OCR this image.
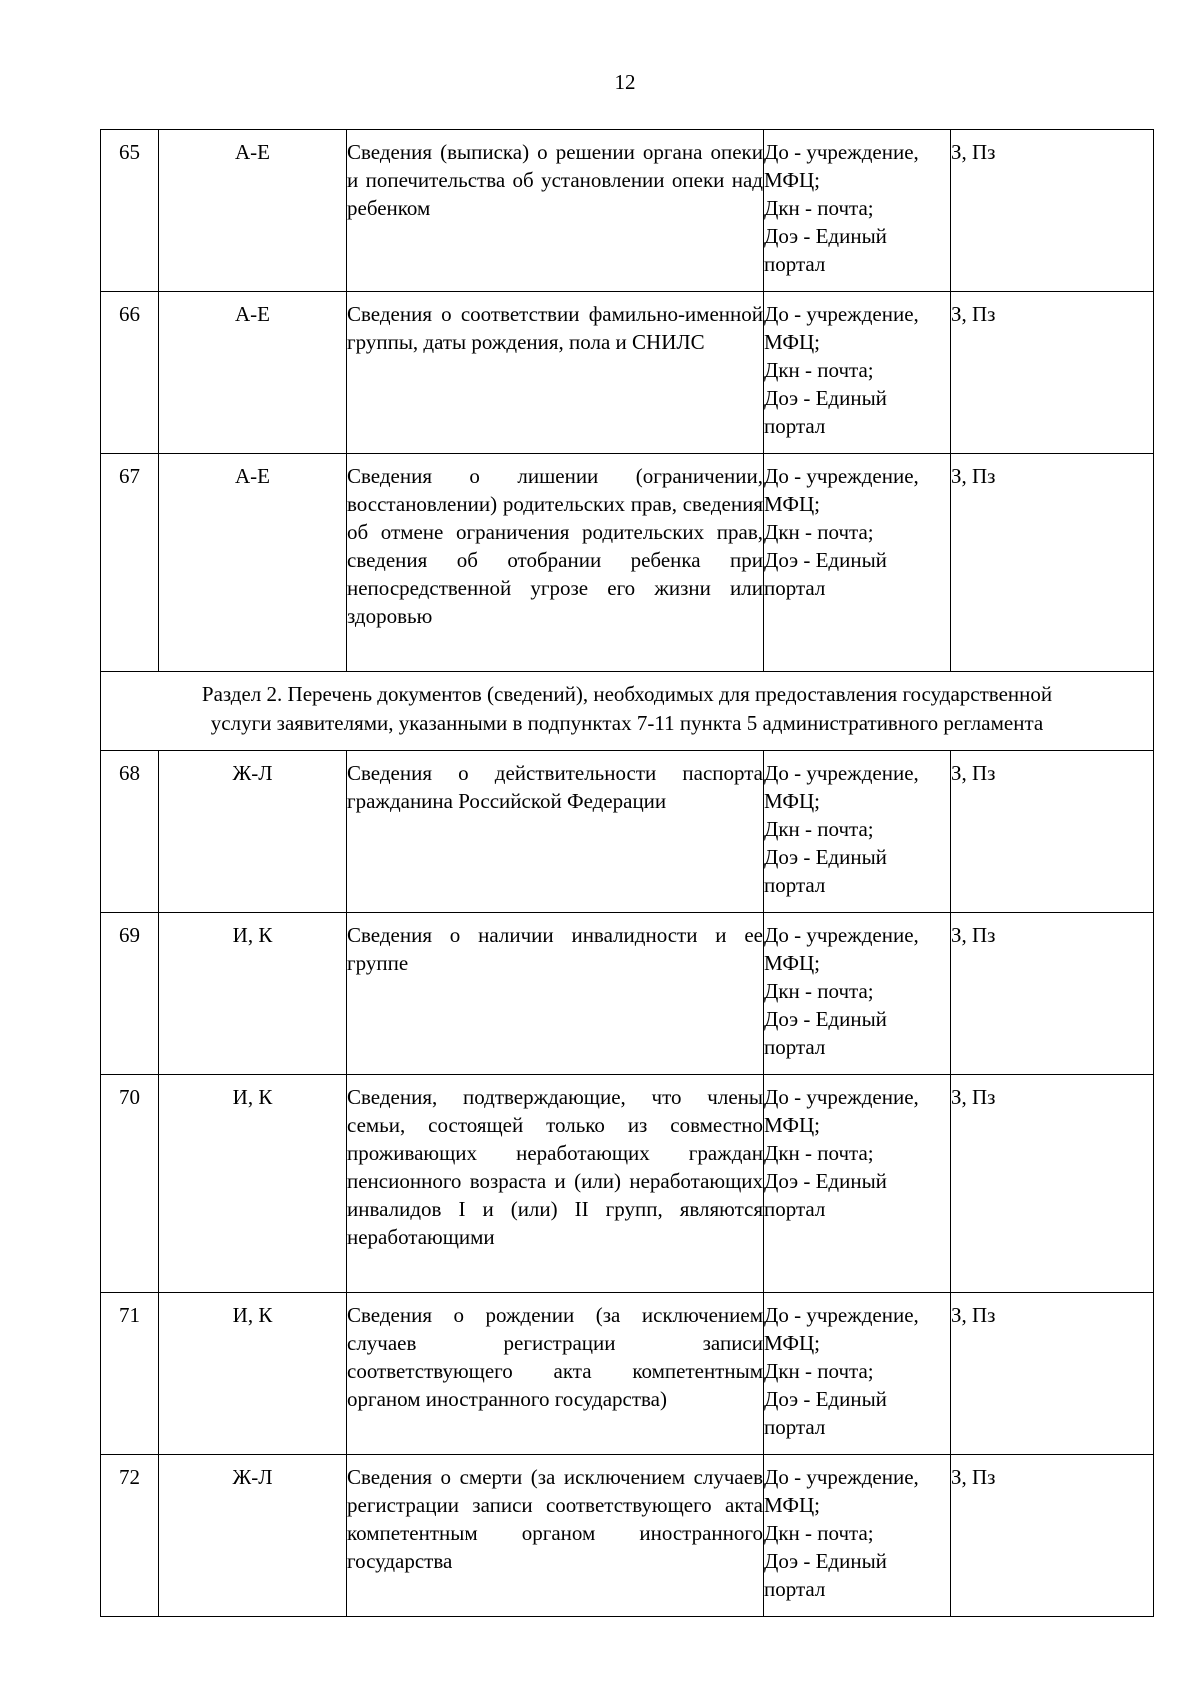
12
65	А-Е	Сведения (выписка) о решении органа опеки и попечительства об установлении опеки над ребенком	До - учреждение,
МФЦ;
Дкн - почта;
Доэ - Единый
портал	З, Пз
66	А-Е	Сведения о соответствии фамильно-именной группы, даты рождения, пола и СНИЛС	До - учреждение,
МФЦ;
Дкн - почта;
Доэ - Единый
портал	З, Пз
67	А-Е	Сведения о лишении (ограничении, восстановлении) родительских прав, сведения об отмене ограничения родительских прав, сведения об отобрании ребенка при непосредственной угрозе его жизни или здоровью	До - учреждение,
МФЦ;
Дкн - почта;
Доэ - Единый
портал	З, Пз

Раздел 2. Перечень документов (сведений), необходимых для предоставления государственной
услуги заявителями, указанными в подпунктах 7-11 пункта 5 административного регламента				

68	Ж-Л	Сведения о действительности паспорта гражданина Российской Федерации	До - учреждение,
МФЦ;
Дкн - почта;
Доэ - Единый
портал	З, Пз
69	И, К	Сведения о наличии инвалидности и ее группе	До - учреждение,
МФЦ;
Дкн - почта;
Доэ - Единый
портал	З, Пз
70	И, К	Сведения, подтверждающие, что члены семьи, состоящей только из совместно проживающих неработающих граждан пенсионного возраста и (или) неработающих инвалидов I и (или) II групп, являются неработающими	До - учреждение,
МФЦ;
Дкн - почта;
Доэ - Единый
портал	З, Пз
71	И, К	Сведения о рождении (за исключением случаев регистрации записи соответствующего акта компетентным органом иностранного государства)	До - учреждение,
МФЦ;
Дкн - почта;
Доэ - Единый
портал	З, Пз
72	Ж-Л	Сведения о смерти (за исключением случаев регистрации записи соответствующего акта компетентным органом иностранного государства	До - учреждение,
МФЦ;
Дкн - почта;
Доэ - Единый
портал	З, Пз
